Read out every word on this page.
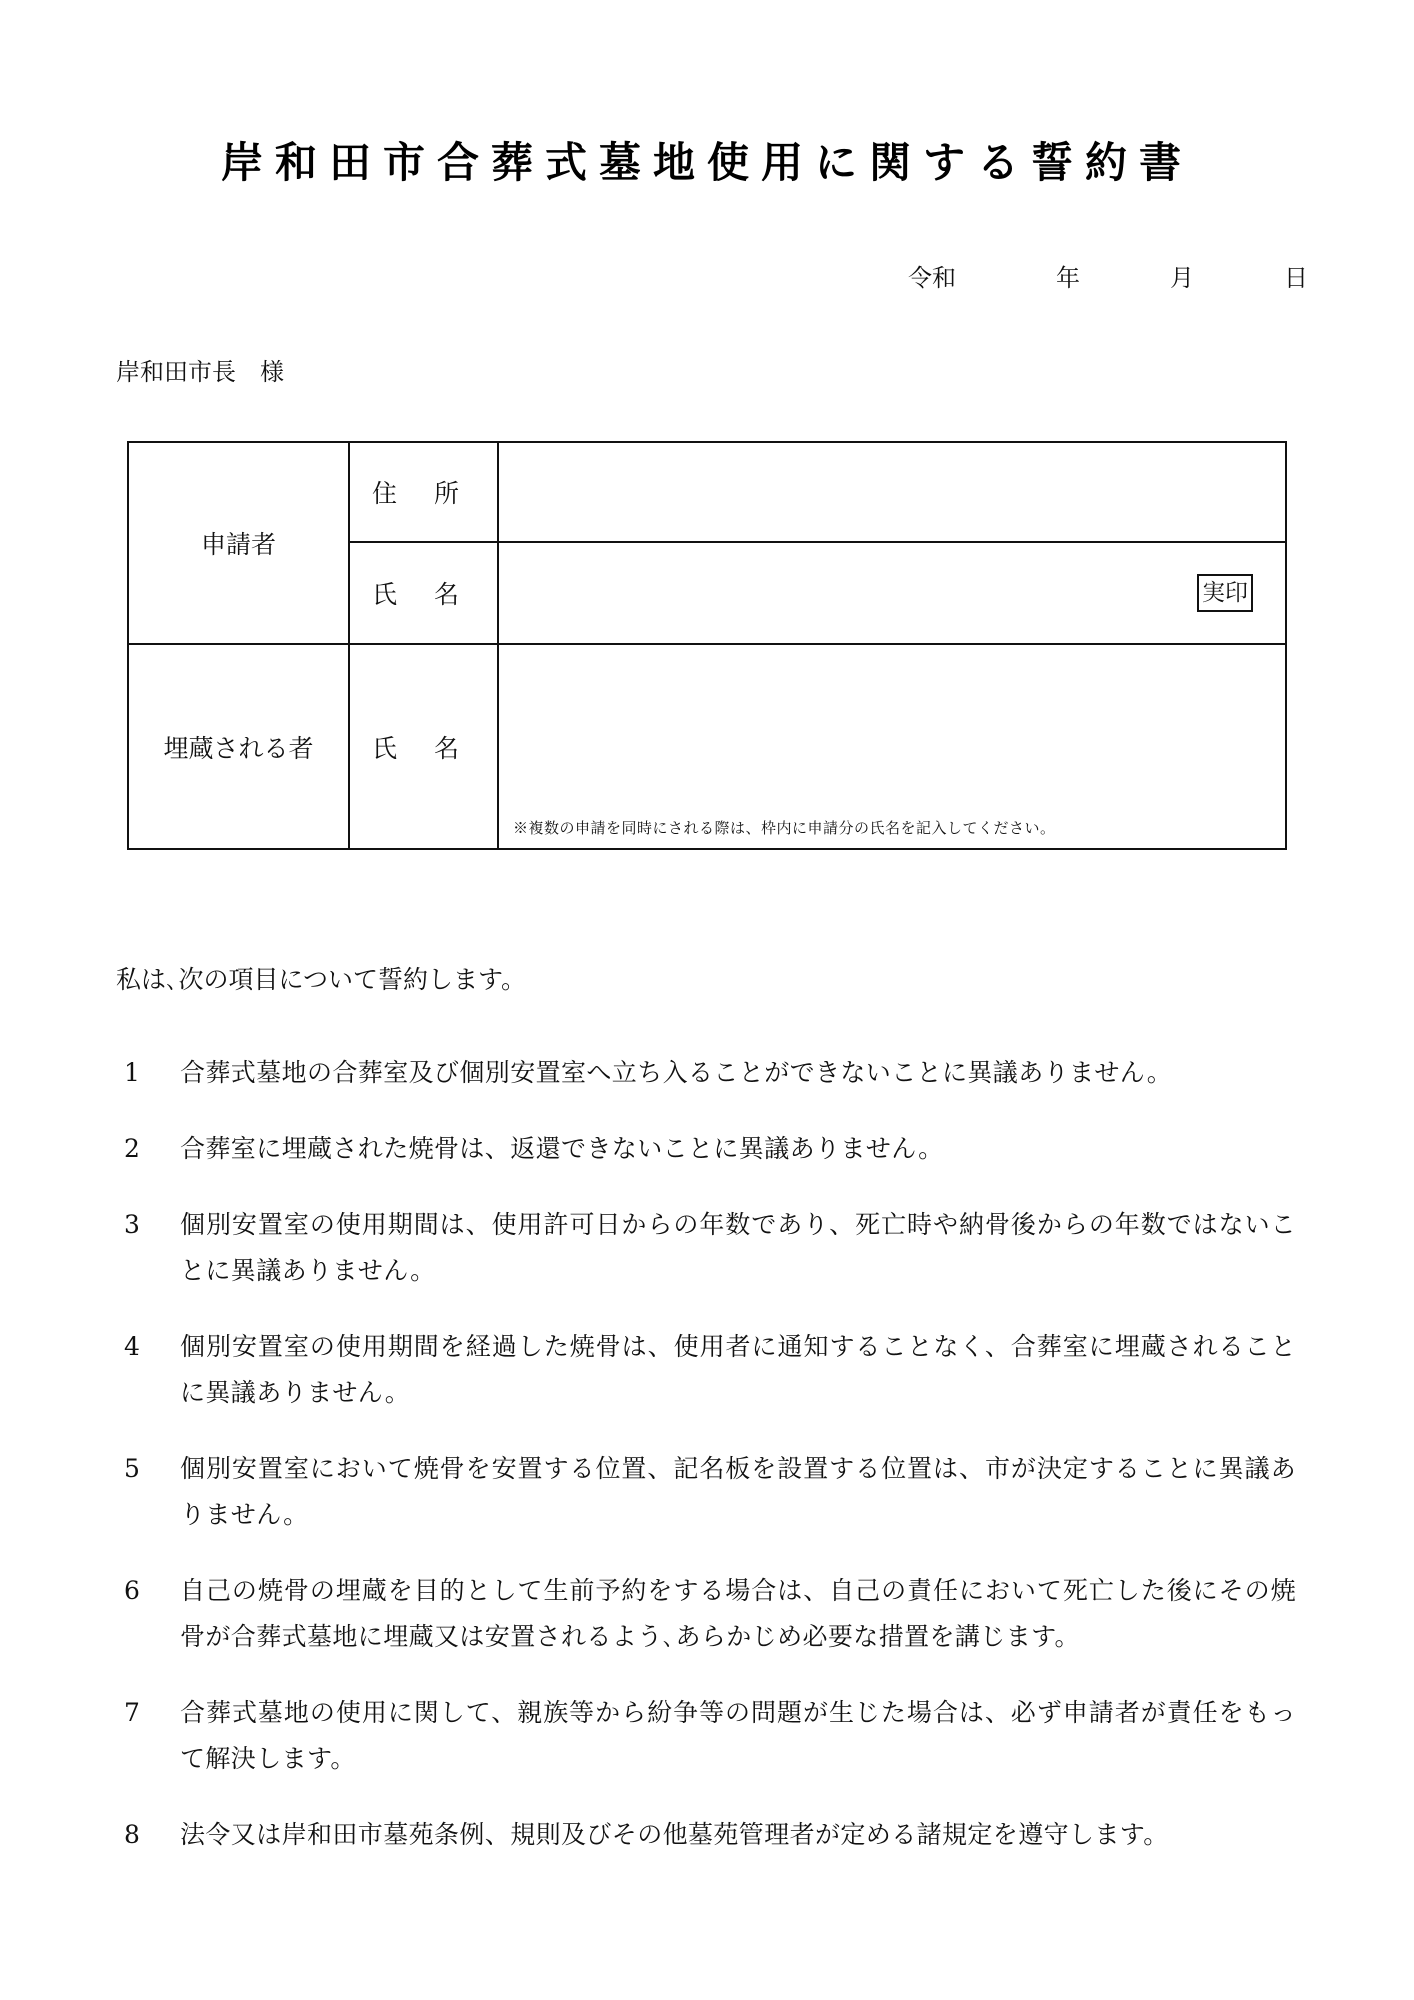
岸和田市合葬式墓地使用に関する誓約書
令和	年	月	日
岸和田市長　様
申請者	住　所	
	氏　名	実印

埋蔵される者	氏　名	※複数の申請を同時にされる際は、枠内に申請分の氏名を記入してください。
私は､次の項目について誓約します。
1	合葬式墓地の合葬室及び個別安置室へ立ち入ることができないことに異議ありません。
2	合葬室に埋蔵された焼骨は、返還できないことに異議ありません。
3	個別安置室の使用期間は、使用許可日からの年数であり、死亡時や納骨後からの年数ではないことに異議ありません。
4	個別安置室の使用期間を経過した焼骨は、使用者に通知することなく、合葬室に埋蔵されることに異議ありません。
5	個別安置室において焼骨を安置する位置、記名板を設置する位置は、市が決定することに異議ありません。
6	自己の焼骨の埋蔵を目的として生前予約をする場合は、自己の責任において死亡した後にその焼骨が合葬式墓地に埋蔵又は安置されるよう､あらかじめ必要な措置を講じます。
7	合葬式墓地の使用に関して、親族等から紛争等の問題が生じた場合は、必ず申請者が責任をもって解決します。
8	法令又は岸和田市墓苑条例、規則及びその他墓苑管理者が定める諸規定を遵守します。
